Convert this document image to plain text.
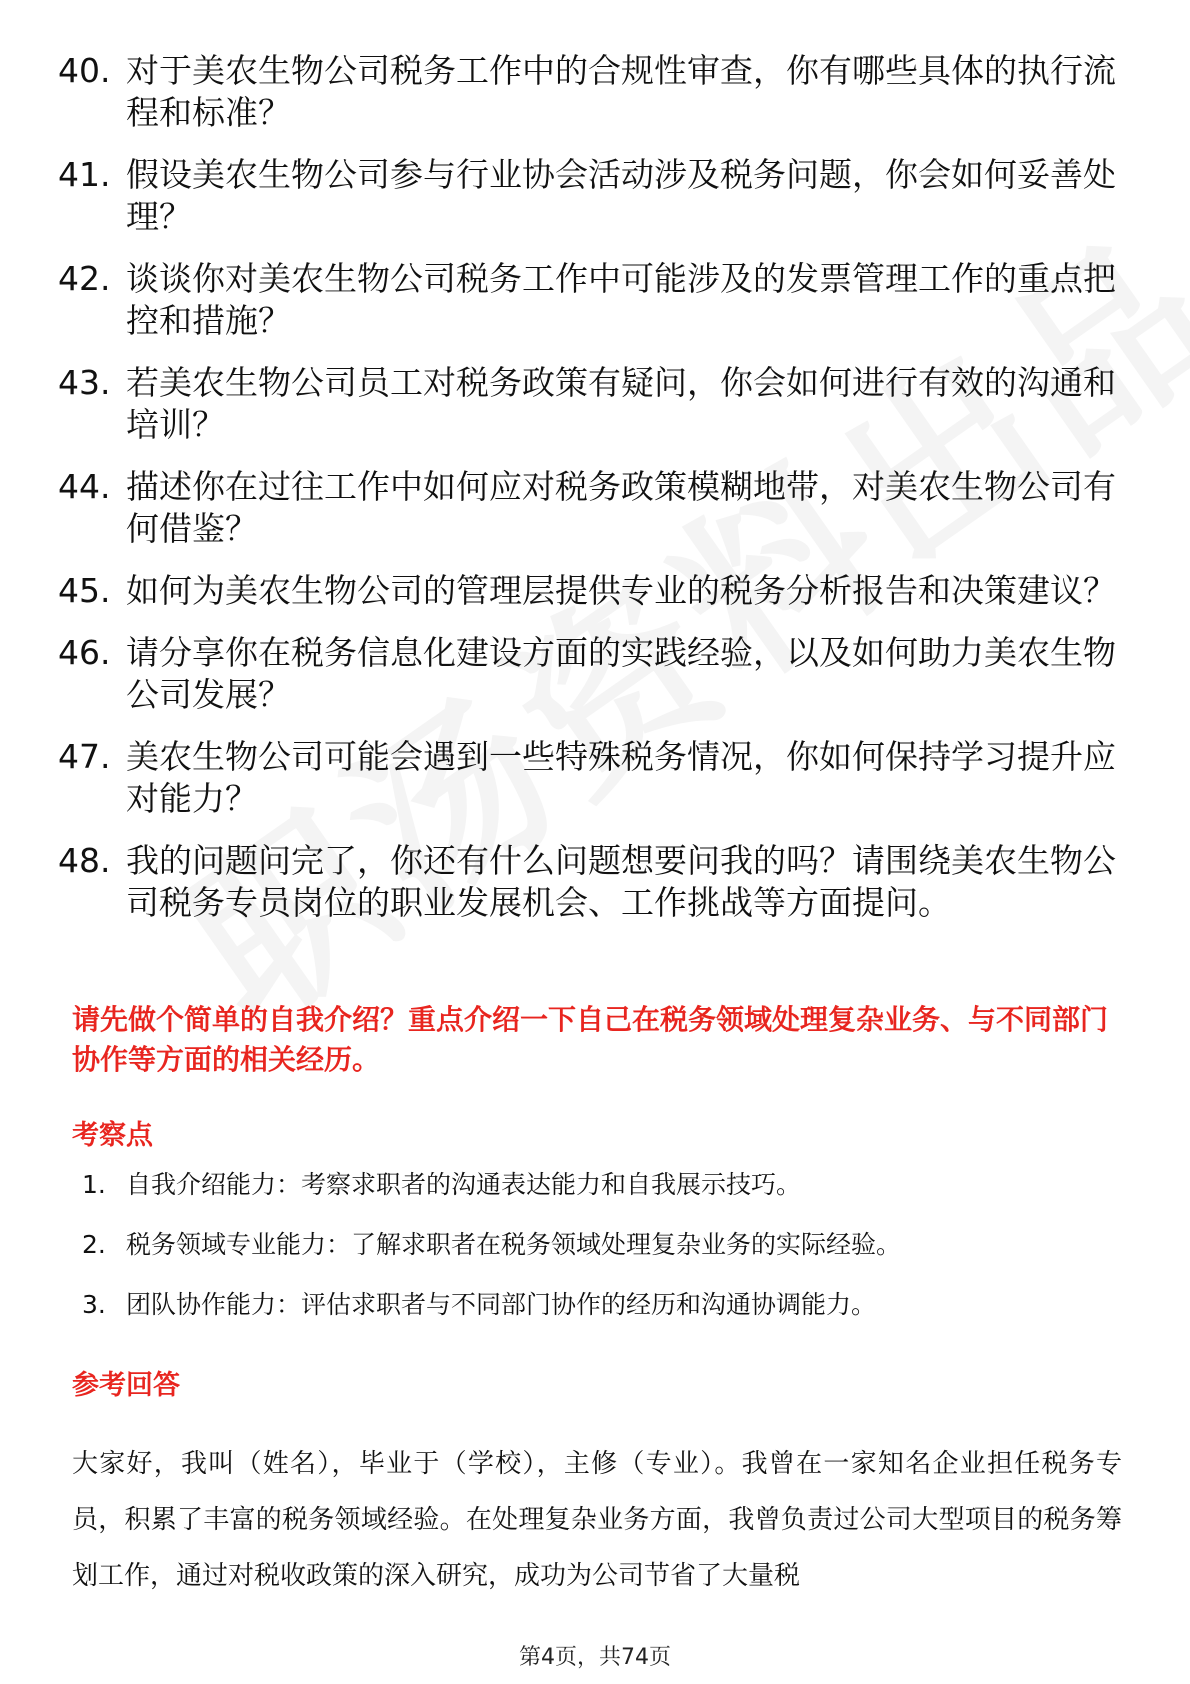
40. 对于美农生物公司税务工作中的合规性审查，你有哪些具体的执行流程和标准？
41. 假设美农生物公司参与行业协会活动涉及税务问题，你会如何妥善处理？
42. 谈谈你对美农生物公司税务工作中可能涉及的发票管理工作的重点把控和措施？
43. 若美农生物公司员工对税务政策有疑问，你会如何进行有效的沟通和培训？
44. 描述你在过往工作中如何应对税务政策模糊地带，对美农生物公司有何借鉴？
45. 如何为美农生物公司的管理层提供专业的税务分析报告和决策建议？
46. 请分享你在税务信息化建设方面的实践经验，以及如何助力美农生物公司发展？
47. 美农生物公司可能会遇到一些特殊税务情况，你如何保持学习提升应对能力？
48. 我的问题问完了，你还有什么问题想要问我的吗？请围绕美农生物公司税务专员岗位的职业发展机会、工作挑战等方面提问。

请先做个简单的自我介绍？重点介绍一下自己在税务领域处理复杂业务、与不同部门协作等方面的相关经历。

考察点
1. 自我介绍能力：考察求职者的沟通表达能力和自我展示技巧。
2. 税务领域专业能力：了解求职者在税务领域处理复杂业务的实际经验。
3. 团队协作能力：评估求职者与不同部门协作的经历和沟通协调能力。
参考回答

大家好，我叫（姓名），毕业于（学校），主修（专业）。我曾在一家知名企业担任税务专员，积累了丰富的税务领域经验。在处理复杂业务方面，我曾负责过公司大型项目的税务筹划工作，通过对税收政策的深入研究，成功为公司节省了大量税

第4页，共74页
